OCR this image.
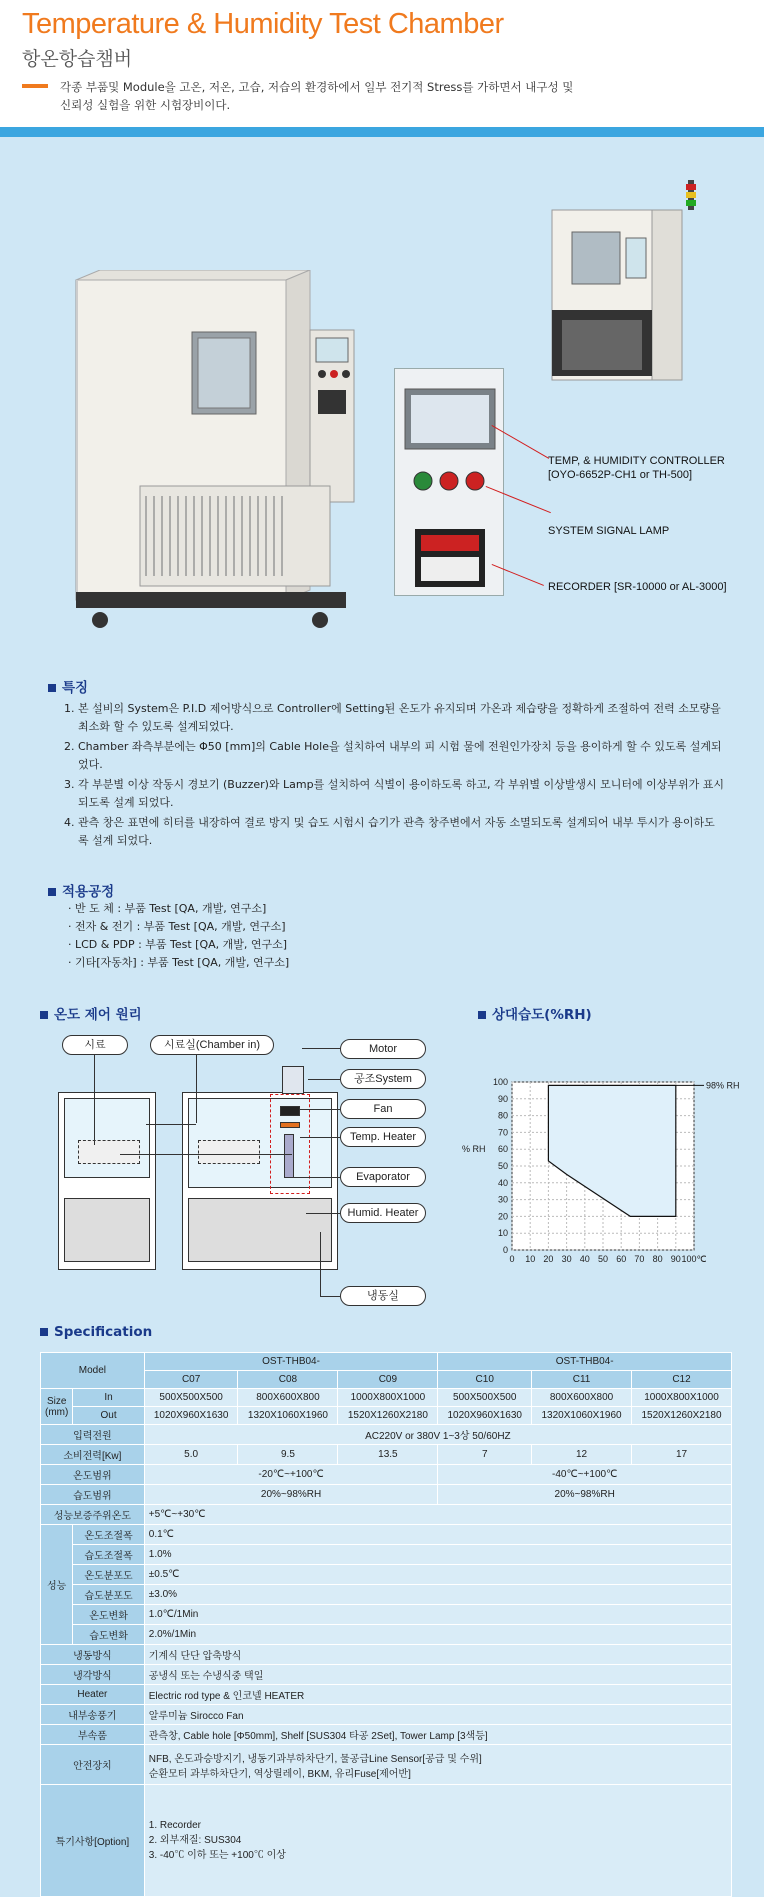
Temperature & Humidity Test Chamber
항온항습챔버
각종 부품및 Module을 고온, 저온, 고습, 저습의 환경하에서 일부 전기적 Stress를 가하면서 내구성 및
신뢰성 실험을 위한 시험장비이다.
TEMP, & HUMIDITY CONTROLLER
[OYO-6652P-CH1 or TH-500]
SYSTEM SIGNAL LAMP
RECORDER [SR-10000 or AL-3000]
특징
1. 본 설비의 System은 P.I.D 제어방식으로 Controller에 Setting된 온도가 유지되며 가온과 제습량을 정확하게 조절하여 전력 소모량을 최소화 할 수 있도록 설계되었다.
2. Chamber 좌측부분에는 Φ50 [mm]의 Cable Hole을 설치하여 내부의 피 시험 물에 전원인가장치 등을 용이하게 할 수 있도록 설계되었다.
3. 각 부분별 이상 작동시 경보기 (Buzzer)와 Lamp를 설치하여 식별이 용이하도록 하고, 각 부위별 이상발생시 모니터에 이상부위가 표시되도록 설계 되었다.
4. 관측 창은 표면에 히터를 내장하여 결로 방지 및 습도 시험시 습기가 관측 창주변에서 자동 소멸되도록 설계되어 내부 투시가 용이하도록 설계 되었다.
적용공정
· 반 도 체 : 부품 Test [QA, 개발, 연구소]
· 전자 & 전기 : 부품 Test [QA, 개발, 연구소]
· LCD & PDP : 부품 Test [QA, 개발, 연구소]
· 기타[자동차] : 부품 Test [QA, 개발, 연구소]
온도 제어 원리
시료	시료실(Chamber in)	Motor
공조System
Fan
Temp. Heater
Evaporator
Humid. Heater
냉동실
상대습도(%RH)
0 10 20 30 40 50 60 70 80 90 100℃
0
10
20
30
40
50
60
70
80
90
100
% RH
98% RH
Specification
Model		OST-THB04-			OST-THB04-		
		C07	C08	C09	C10	C11	C12
Size (mm)	In	500X500X500	800X600X800	1000X800X1000	500X500X500	800X600X800	1000X800X1000
	Out	1020X960X1630	1320X1060X1960	1520X1260X2180	1020X960X1630	1320X1060X1960	1520X1260X2180
입력전원		AC220V or 380V 1~3상 50/60HZ					
소비전력[Kw]		5.0	9.5	13.5	7	12	17
온도범위		-20℃~+100℃			-40℃~+100℃		
습도범위		20%~98%RH			20%~98%RH		
성능보증주위온도		+5℃~+30℃					
성능	온도조절폭	0.1℃					
	습도조절폭	1.0%					
	온도분포도	±0.5℃					
	습도분포도	±3.0%					
	온도변화	1.0℃/1Min					
	습도변화	2.0%/1Min					
냉동방식		기계식 단단 압축방식					
냉각방식		공냉식 또는 수냉식중 택일					
Heater		Electric rod type & 인코넬 HEATER					
내부송풍기		알루미늄 Sirocco Fan					
부속품		관측창, Cable hole [Φ50mm], Shelf [SUS304 타공 2Set], Tower Lamp [3색등]					
안전장치		NFB, 온도과승방지기, 냉동기과부하차단기, 물공급Line Sensor[공급 및 수위]
순환모터 과부하차단기, 역상릴레이, BKM, 유리Fuse[제어반]					

특기사항[Option]		1. Recorder
2. 외부재질: SUS304
3. -40℃ 이하 또는 +100℃ 이상					
